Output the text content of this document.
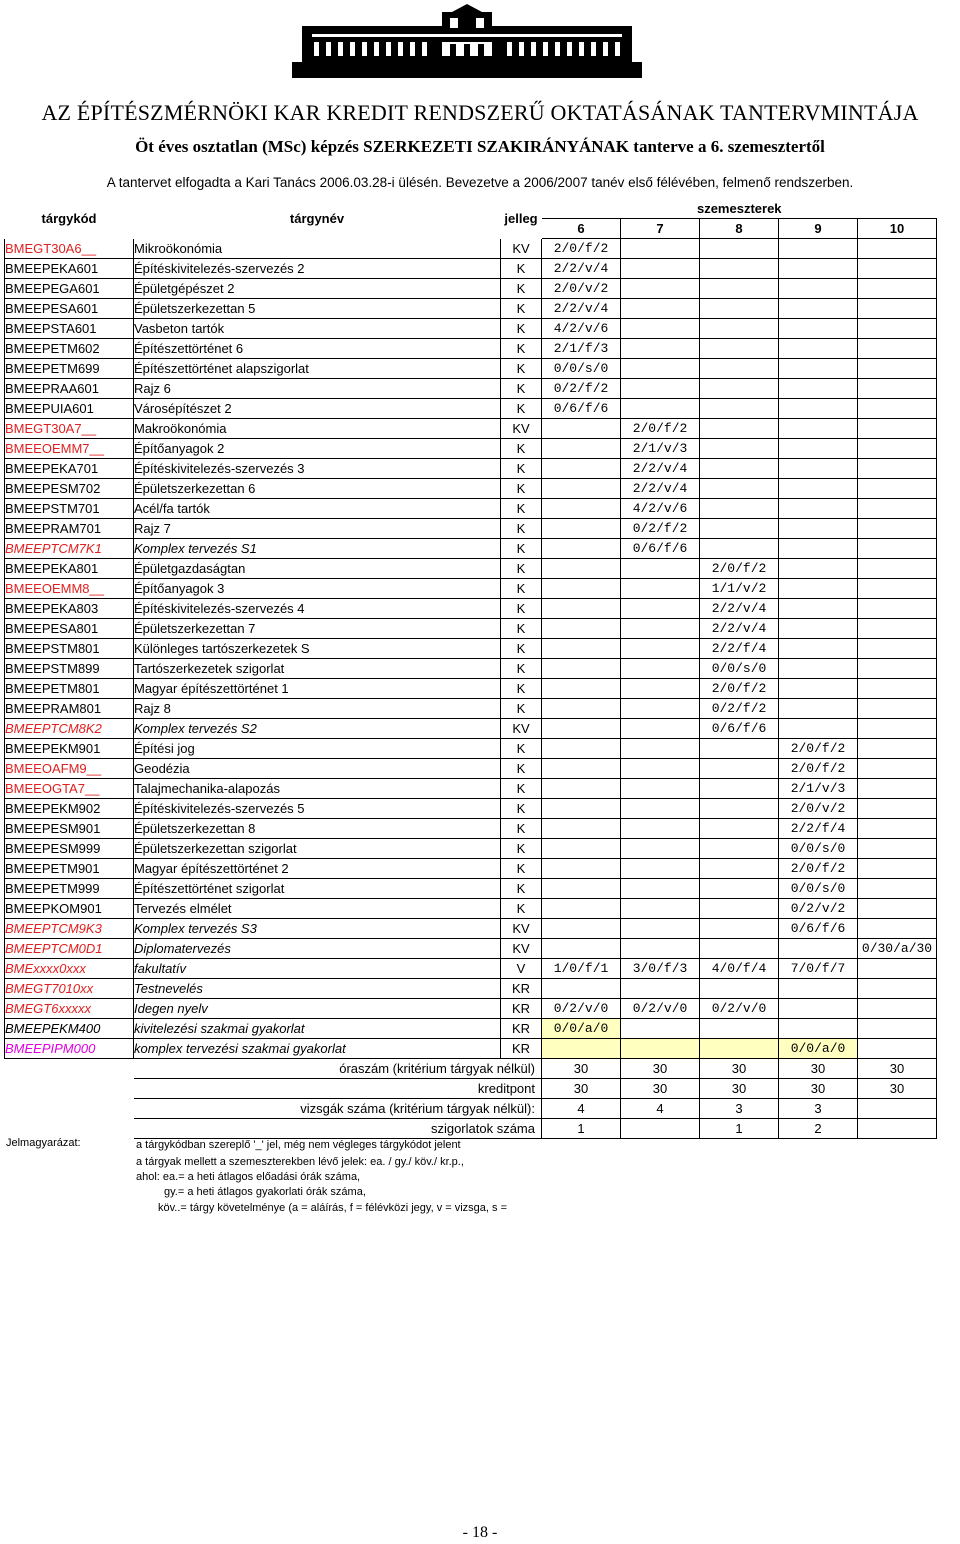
AZ ÉPÍTÉSZMÉRNÖKI KAR KREDIT RENDSZERŰ OKTATÁSÁNAK TANTERVMINTÁJA
Öt éves osztatlan (MSc) képzés SZERKEZETI SZAKIRÁNYÁNAK tanterve a 6. szemesztertől
A tantervet elfogadta a Kari Tanács 2006.03.28-i ülésén. Bevezetve a 2006/2007 tanév első félévében, felmenő rendszerben.
tárgykód	tárgynév	jelleg	szemeszterek				
			6	7	8	9	10
BMEGT30A6__	Mikroökonómia	KV	2/0/f/2				
BMEEPEKA601	Építéskivitelezés-szervezés 2	K	2/2/v/4				
BMEEPEGA601	Épületgépészet 2	K	2/0/v/2				
BMEEPESA601	Épületszerkezettan 5	K	2/2/v/4				
BMEEPSTA601	Vasbeton tartók	K	4/2/v/6				
BMEEPETM602	Építészettörténet 6	K	2/1/f/3				
BMEEPETM699	Építészettörténet alapszigorlat	K	0/0/s/0				
BMEEPRAA601	Rajz 6	K	0/2/f/2				
BMEEPUIA601	Városépítészet 2	K	0/6/f/6				
BMEGT30A7__	Makroökonómia	KV		2/0/f/2			
BMEEOEMM7__	Építőanyagok 2	K		2/1/v/3			
BMEEPEKA701	Építéskivitelezés-szervezés 3	K		2/2/v/4			
BMEEPESM702	Épületszerkezettan 6	K		2/2/v/4			
BMEEPSTM701	Acél/fa tartók	K		4/2/v/6			
BMEEPRAM701	Rajz 7	K		0/2/f/2			
BMEEPTCM7K1	Komplex tervezés S1	K		0/6/f/6			
BMEEPEKA801	Épületgazdaságtan	K			2/0/f/2		
BMEEOEMM8__	Építőanyagok 3	K			1/1/v/2		
BMEEPEKA803	Építéskivitelezés-szervezés 4	K			2/2/v/4		
BMEEPESA801	Épületszerkezettan 7	K			2/2/v/4		
BMEEPSTM801	Különleges tartószerkezetek S	K			2/2/f/4		
BMEEPSTM899	Tartószerkezetek szigorlat	K			0/0/s/0		
BMEEPETM801	Magyar építészettörténet 1	K			2/0/f/2		
BMEEPRAM801	Rajz 8	K			0/2/f/2		
BMEEPTCM8K2	Komplex tervezés S2	KV			0/6/f/6		
BMEEPEKM901	Építési jog	K				2/0/f/2	
BMEEOAFM9__	Geodézia	K				2/0/f/2	
BMEEOGTA7__	Talajmechanika-alapozás	K				2/1/v/3	
BMEEPEKM902	Építéskivitelezés-szervezés 5	K				2/0/v/2	
BMEEPESM901	Épületszerkezettan 8	K				2/2/f/4	
BMEEPESM999	Épületszerkezettan szigorlat	K				0/0/s/0	
BMEEPETM901	Magyar építészettörténet 2	K				2/0/f/2	
BMEEPETM999	Építészettörténet szigorlat	K				0/0/s/0	
BMEEPKOM901	Tervezés elmélet	K				0/2/v/2	
BMEEPTCM9K3	Komplex tervezés S3	KV				0/6/f/6	
BMEEPTCM0D1	Diplomatervezés	KV					0/30/a/30
BMExxxx0xxx	fakultatív	V	1/0/f/1	3/0/f/3	4/0/f/4	7/0/f/7	
BMEGT7010xx	Testnevelés	KR					
BMEGT6xxxxx	Idegen nyelv	KR	0/2/v/0	0/2/v/0	0/2/v/0		
BMEEPEKM400	kivitelezési szakmai gyakorlat	KR	0/0/a/0				
BMEEPIPM000	komplex tervezési szakmai gyakorlat	KR				0/0/a/0	
	óraszám (kritérium tárgyak nélkül)		30	30	30	30	30
	kreditpont		30	30	30	30	30
	vizsgák száma (kritérium tárgyak nélkül):		4	4	3	3	
	szigorlatok száma		1		1	2	
Jelmagyarázat:	a tárgykódban szereplő '_' jel, még nem végleges tárgykódot jelent
a tárgyak mellett a szemeszterekben lévő jelek: ea. / gy./ köv./ kr.p.,
ahol: ea.= a heti átlagos előadási órák száma,
gy.= a heti átlagos gyakorlati órák száma,
köv..= tárgy követelménye (a = aláírás, f = félévközi jegy, v = vizsga, s =
- 18 -
